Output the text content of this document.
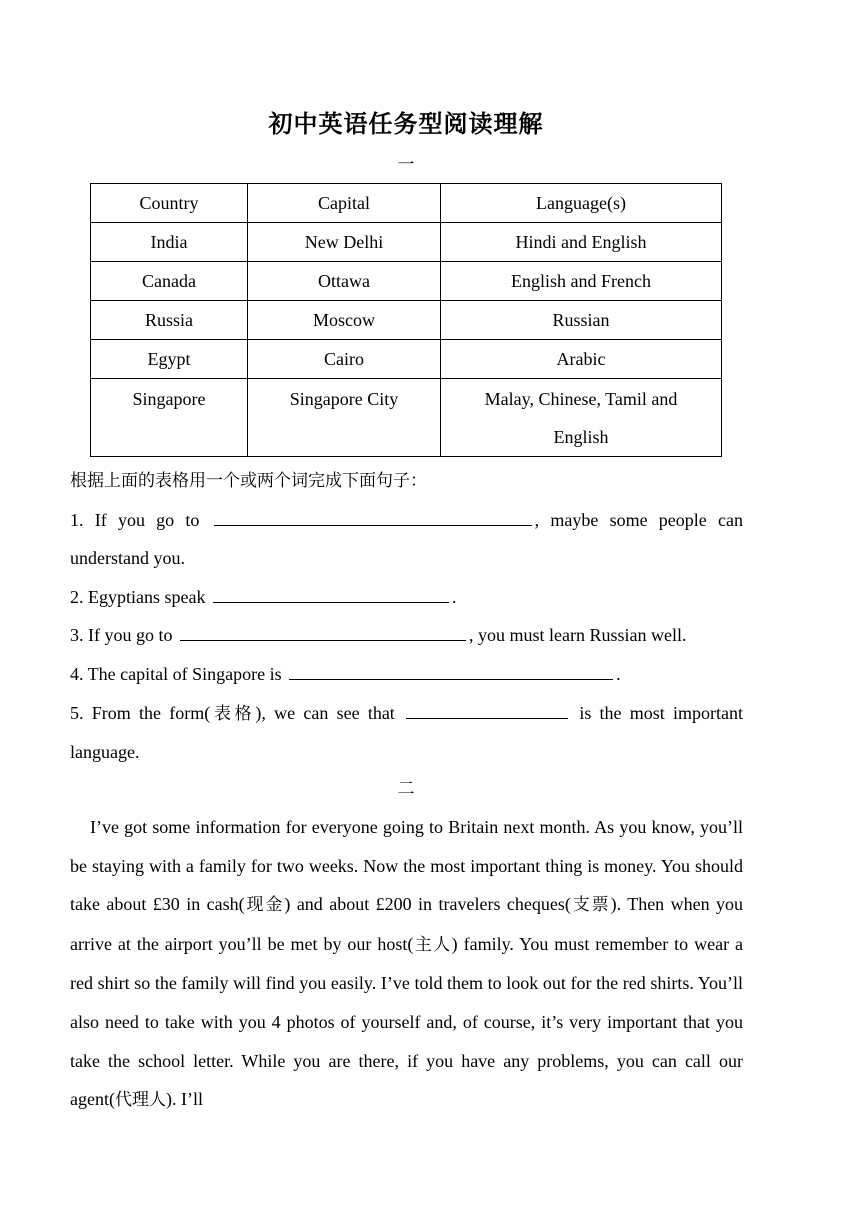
初中英语任务型阅读理解
一
Country	Capital	Language(s)
India	New Delhi	Hindi and English
Canada	Ottawa	English and French
Russia	Moscow	Russian
Egypt	Cairo	Arabic
Singapore	Singapore City	Malay, Chinese, Tamil and
English
根据上面的表格用一个或两个词完成下面句子：
1. If you go to	, maybe some people can
understand you.
2. Egyptians speak	.
3. If you go to	, you must learn Russian well.
4. The capital of Singapore is	.
5. From the form(表格), we can see that	is the most important
language.
二
I’ve got some information for everyone going to Britain next month. As you know, you’ll be staying with a family for two weeks. Now the most important thing is money. You should take about £30 in cash(现金) and about £200 in travelers cheques(支票). Then when you arrive at the airport you’ll be met by our host(主人) family. You must remember to wear a red shirt so the family will find you easily. I’ve told them to look out for the red shirts. You’ll also need to take with you 4 photos of yourself and, of course, it’s very important that you take the school letter. While you are there, if you have any problems, you can call our agent(代理人). I’ll
